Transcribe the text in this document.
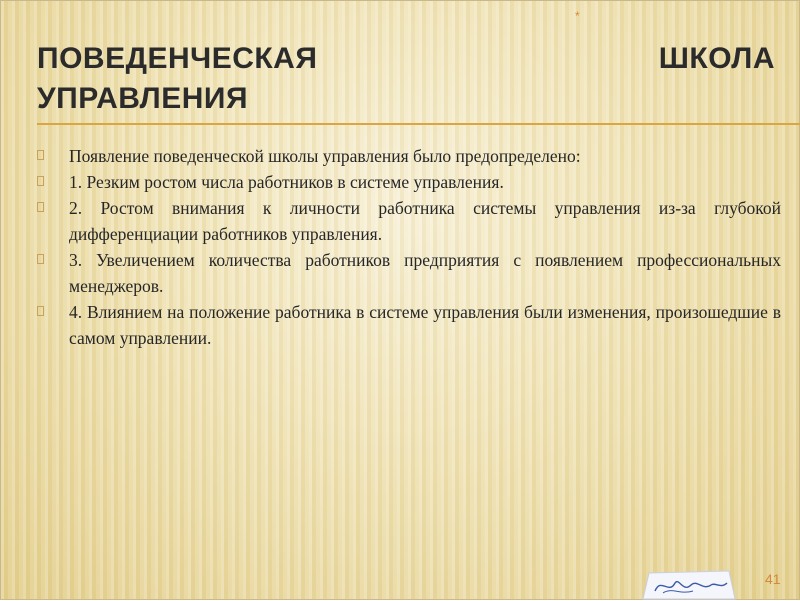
*
ПОВЕДЕНЧЕСКАЯ	ШКОЛА
УПРАВЛЕНИЯ
Появление поведенческой школы управления было предопределено:
1. Резким ростом числа работников в системе управления.
2. Ростом внимания к личности работника системы управления из-за глубокой дифференциации работников управления.
3. Увеличением количества работников предприятия с появлением профессиональных менеджеров.
4. Влиянием на положение работника в системе управления были изменения, произошедшие в самом управлении.
41
